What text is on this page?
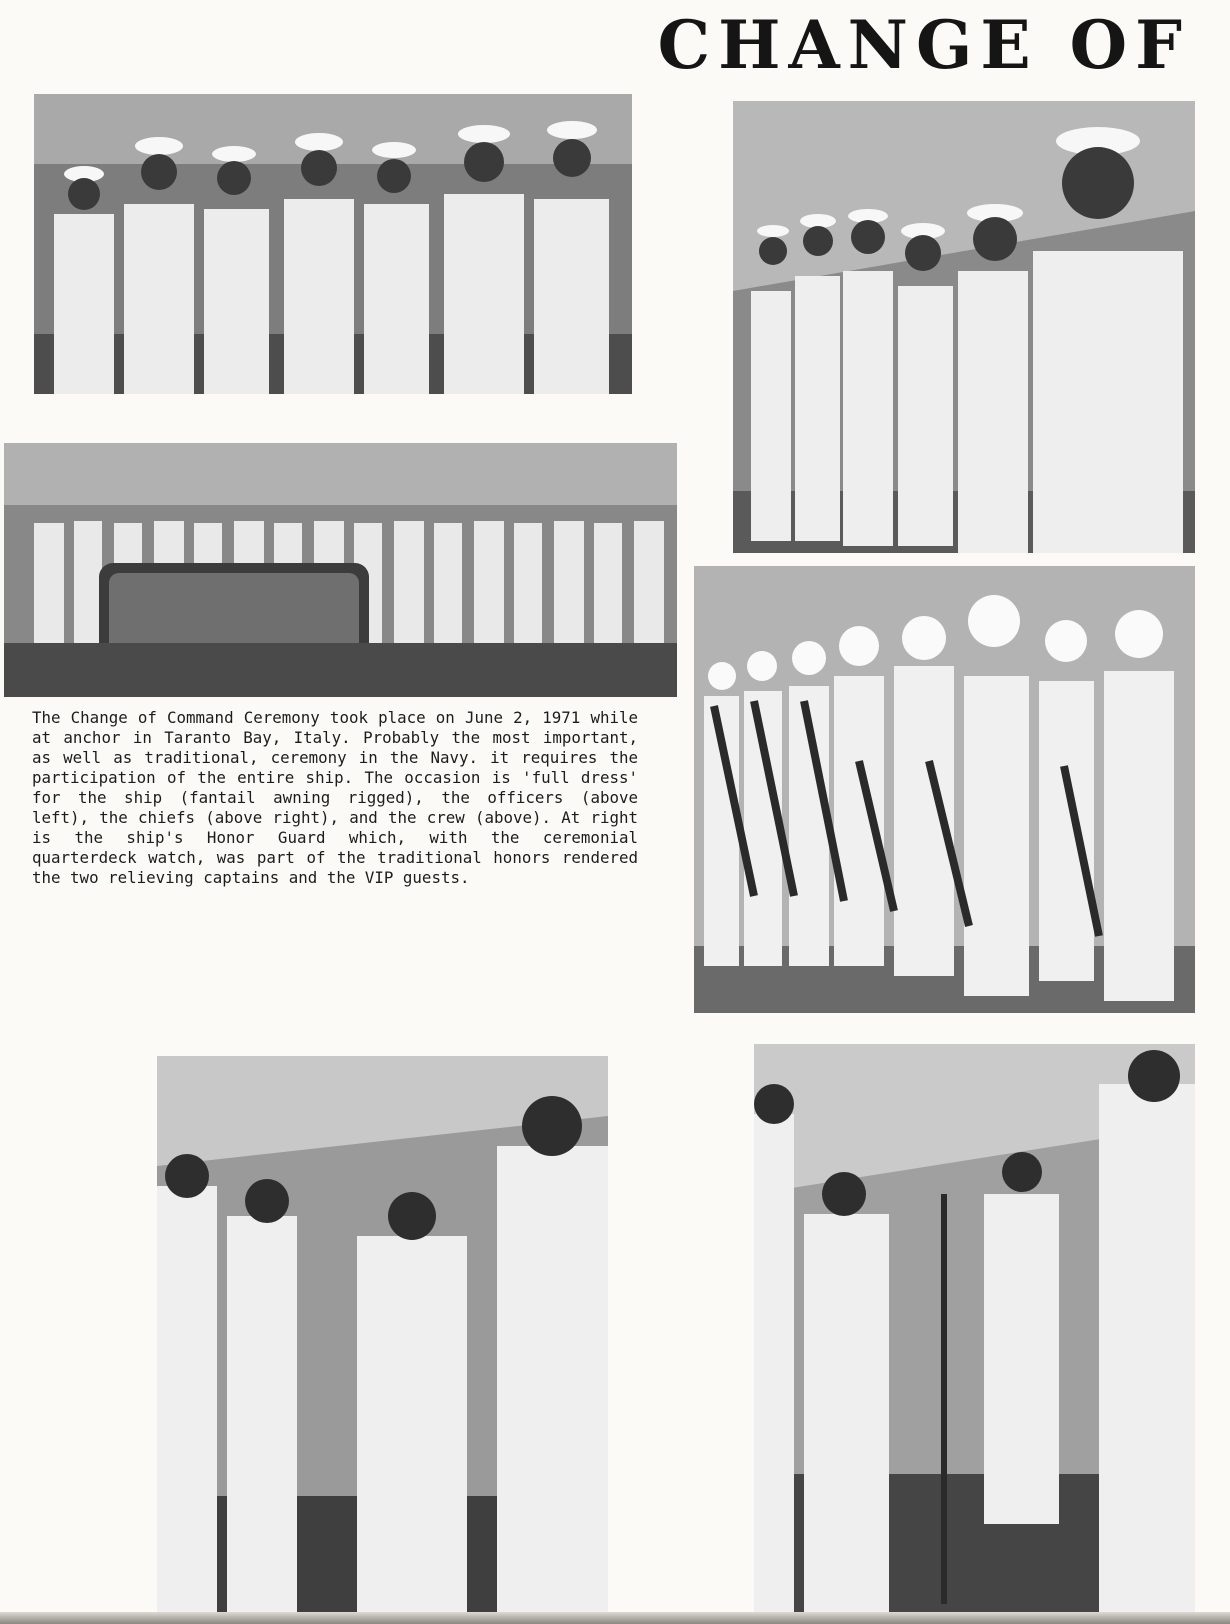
CHANGE OF

The Change of Command Ceremony took place on June 2, 1971 while at anchor in Taranto Bay, Italy. Probably the most important, as well as traditional, ceremony in the Navy. it requires the participation of the entire ship. The occasion is 'full dress' for the ship (fantail awning rigged), the officers (above left), the chiefs (above right), and the crew (above). At right is the ship's Honor Guard which, with the ceremonial quarterdeck watch, was part of the traditional honors rendered the two relieving captains and the VIP guests.
